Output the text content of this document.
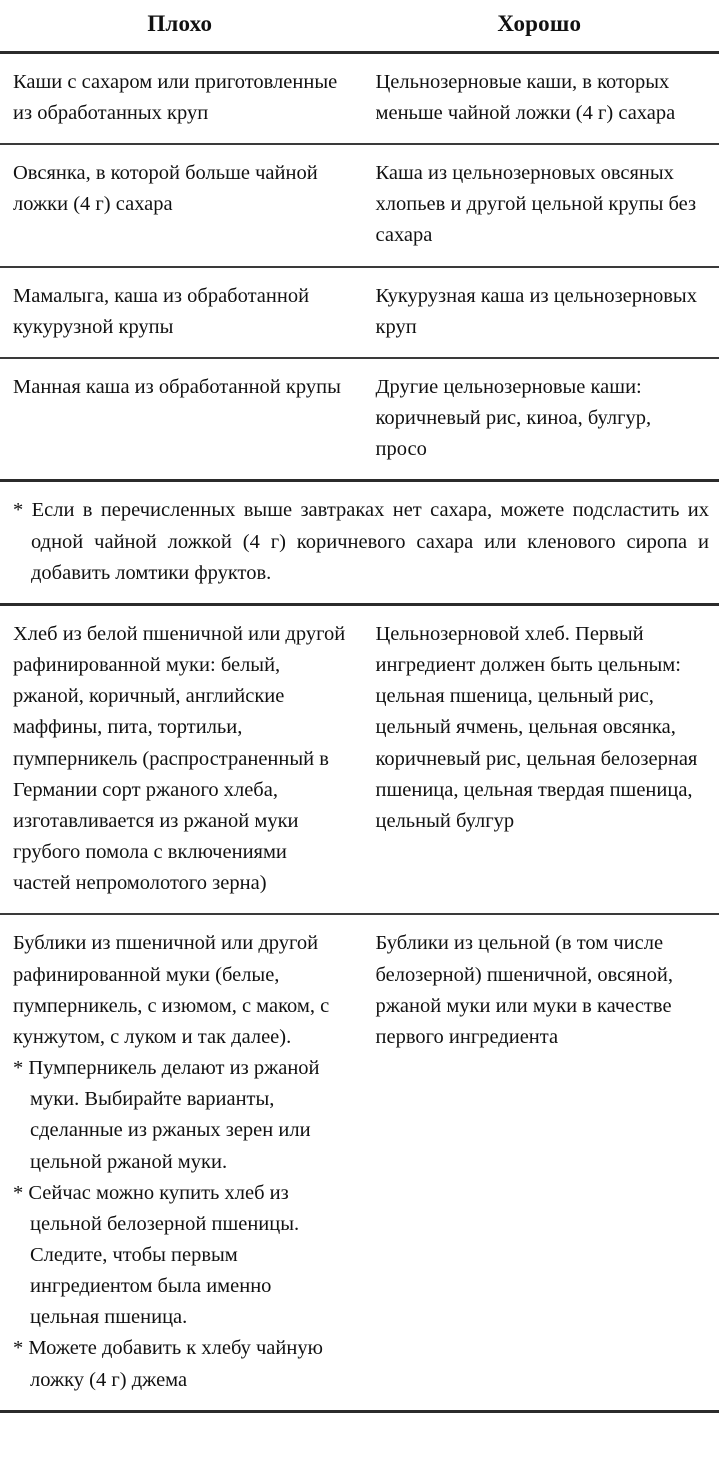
Плохо	Хорошо
Каши с сахаром или приготовленные из обработанных круп
Цельнозерновые каши, в которых меньше чайной ложки (4 г) сахара
Овсянка, в которой больше чайной ложки (4 г) сахара
Каша из цельнозерновых овсяных хлопьев и другой цельной крупы без сахара
Мамалыга, каша из обработанной кукурузной крупы
Кукурузная каша из цельнозерновых круп
Манная каша из обработанной крупы	Другие цельнозерновые каши: коричневый рис, киноа, булгур, просо

* Если в перечисленных выше завтраках нет сахара, можете подсластить их одной чайной ложкой (4 г) коричневого сахара или кленового сиропа и добавить ломтики фруктов.

Хлеб из белой пшеничной или другой рафинированной муки: белый, ржаной, коричный, английские маффины, пита, тортильи, пумперникель (распространенный в Германии сорт ржаного хлеба, изготавливается из ржаной муки грубого помола с включениями частей непромолотого зерна)
Цельнозерновой хлеб. Первый ингредиент должен быть цельным: цельная пшеница, цельный рис, цельный ячмень, цельная овсянка, коричневый рис, цельная белозерная пшеница, цельная твердая пшеница, цельный булгур

Бублики из пшеничной или другой рафинированной муки (белые, пумперникель, с изюмом, с маком, с кунжутом, с луком и так далее).

* Пумперникель делают из ржаной муки. Выбирайте варианты, сделанные из ржаных зерен или цельной ржаной муки.

* Сейчас можно купить хлеб из цельной белозерной пшеницы. Следите, чтобы первым ингредиентом была именно цельная пшеница.

* Можете добавить к хлебу чайную ложку (4 г) джема

Бублики из цельной (в том числе белозерной) пшеничной, овсяной, ржаной муки или муки в качестве первого ингредиента
